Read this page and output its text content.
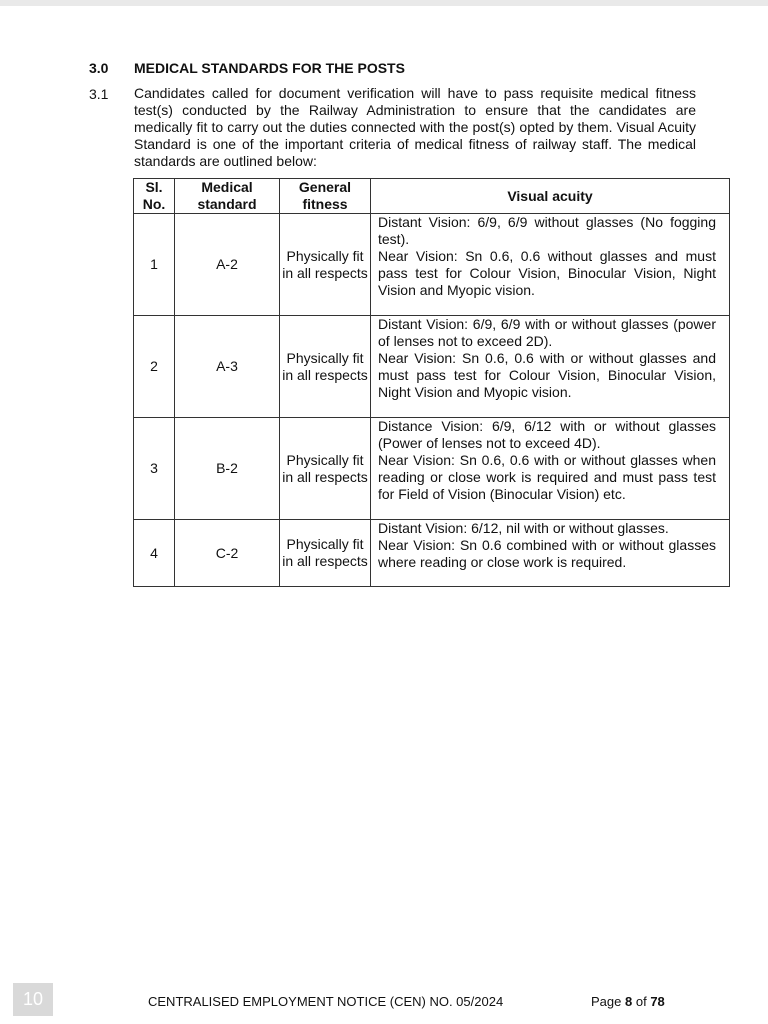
3.0 MEDICAL STANDARDS FOR THE POSTS
3.1 Candidates called for document verification will have to pass requisite medical fitness test(s) conducted by the Railway Administration to ensure that the candidates are medically fit to carry out the duties connected with the post(s) opted by them. Visual Acuity Standard is one of the important criteria of medical fitness of railway staff. The medical standards are outlined below:
Sl. No.	Medical standard	General fitness	Visual acuity
1	A-2	Physically fit in all respects	Distant Vision: 6/9, 6/9 without glasses (No fogging test).
Near Vision: Sn 0.6, 0.6 without glasses and must pass test for Colour Vision, Binocular Vision, Night Vision and Myopic vision.

2	A-3	Physically fit in all respects	Distant Vision: 6/9, 6/9 with or without glasses (power of lenses not to exceed 2D).
Near Vision: Sn 0.6, 0.6 with or without glasses and must pass test for Colour Vision, Binocular Vision, Night Vision and Myopic vision.

3	B-2	Physically fit in all respects	Distance Vision: 6/9, 6/12 with or without glasses (Power of lenses not to exceed 4D).
Near Vision: Sn 0.6, 0.6 with or without glasses when reading or close work is required and must pass test for Field of Vision (Binocular Vision) etc.

4	C-2	Physically fit in all respects	Distant Vision: 6/12, nil with or without glasses.
Near Vision: Sn 0.6 combined with or without glasses where reading or close work is required.
10	CENTRALISED EMPLOYMENT NOTICE (CEN) NO. 05/2024	Page 8 of 78
